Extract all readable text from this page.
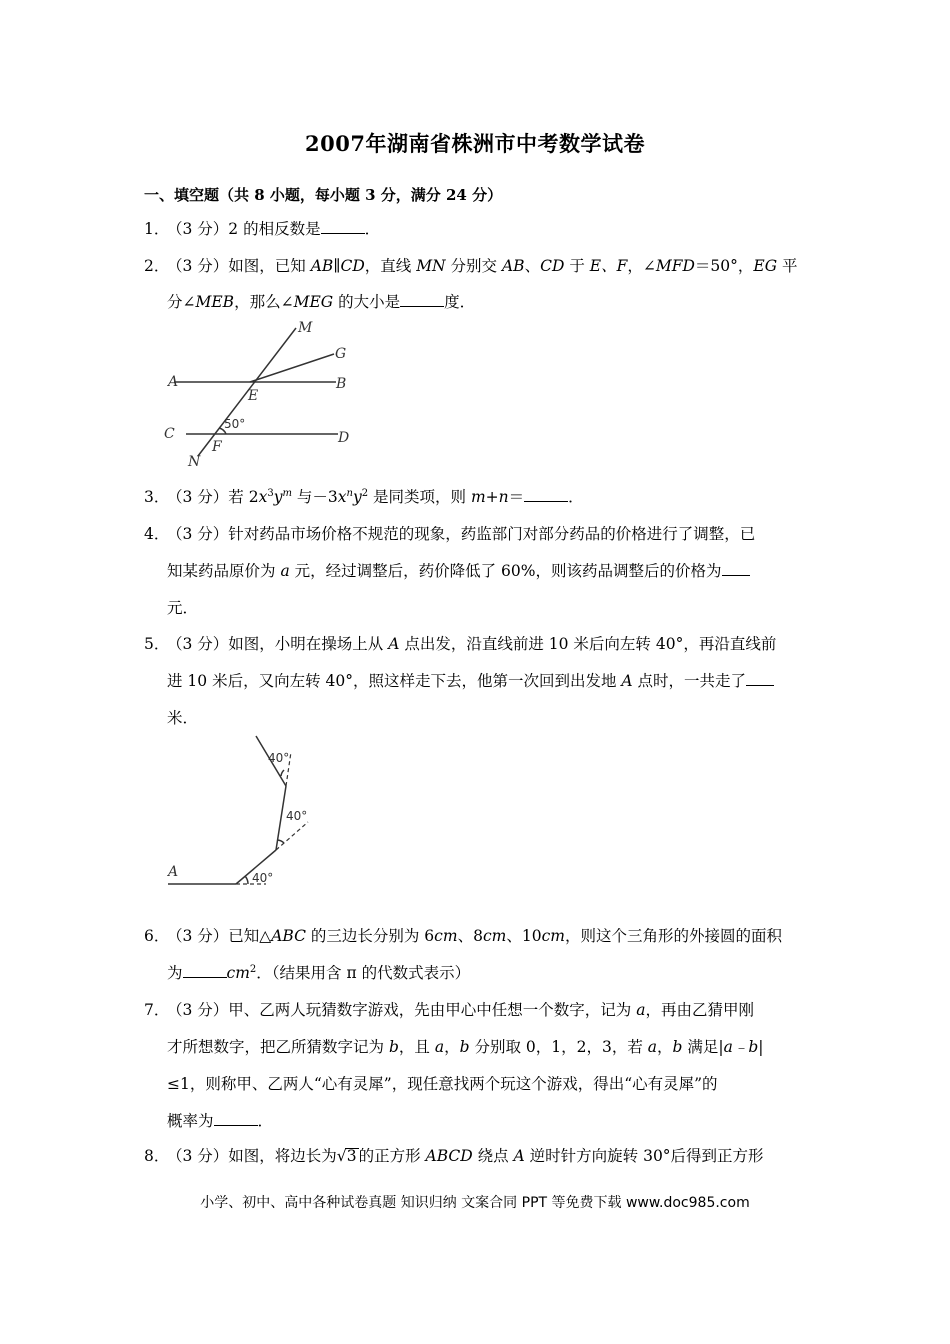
2007年湖南省株洲市中考数学试卷
一、填空题（共 8 小题，每小题 3 分，满分 24 分）
1．（3 分）2 的相反数是	．
2．（3 分）如图，已知 AB∥CD，直线 MN 分别交 AB、CD 于 E、F，∠MFD＝50°，EG 平
分∠MEB，那么∠MEG 的大小是	度．
M
G
A	B
E
C	D
F
N
50°
3．（3 分）若 $2x^3y^m$ 与$-3x^ny^2$ 是同类项，则 m+n＝	．
4．（3 分）针对药品市场价格不规范的现象，药监部门对部分药品的价格进行了调整，已
知某药品原价为 a 元，经过调整后，药价降低了 60%，则该药品调整后的价格为
元．
5．（3 分）如图，小明在操场上从 A 点出发，沿直线前进 10 米后向左转 40°，再沿直线前
进 10 米后，又向左转 40°，照这样走下去，他第一次回到出发地 A 点时，一共走了
米．
40°
40°
40°
A
6．（3 分）已知△ABC 的三边长分别为 6cm、8cm、10cm，则这个三角形的外接圆的面积
为	$cm^2$．（结果用含 π 的代数式表示）
7．（3 分）甲、乙两人玩猜数字游戏，先由甲心中任想一个数字，记为 a，再由乙猜甲刚
才所想数字，把乙所猜数字记为 b，且 a，b 分别取 0，1，2，3，若 a，b 满足|a﹣b|
≤1，则称甲、乙两人“心有灵犀”，现任意找两个玩这个游戏，得出“心有灵犀”的
概率为	．
8．（3 分）如图，将边长为√3 的正方形 ABCD 绕点 A 逆时针方向旋转 30°后得到正方形
小学、初中、高中各种试卷真题 知识归纳 文案合同 PPT 等免费下载 www.doc985.com
